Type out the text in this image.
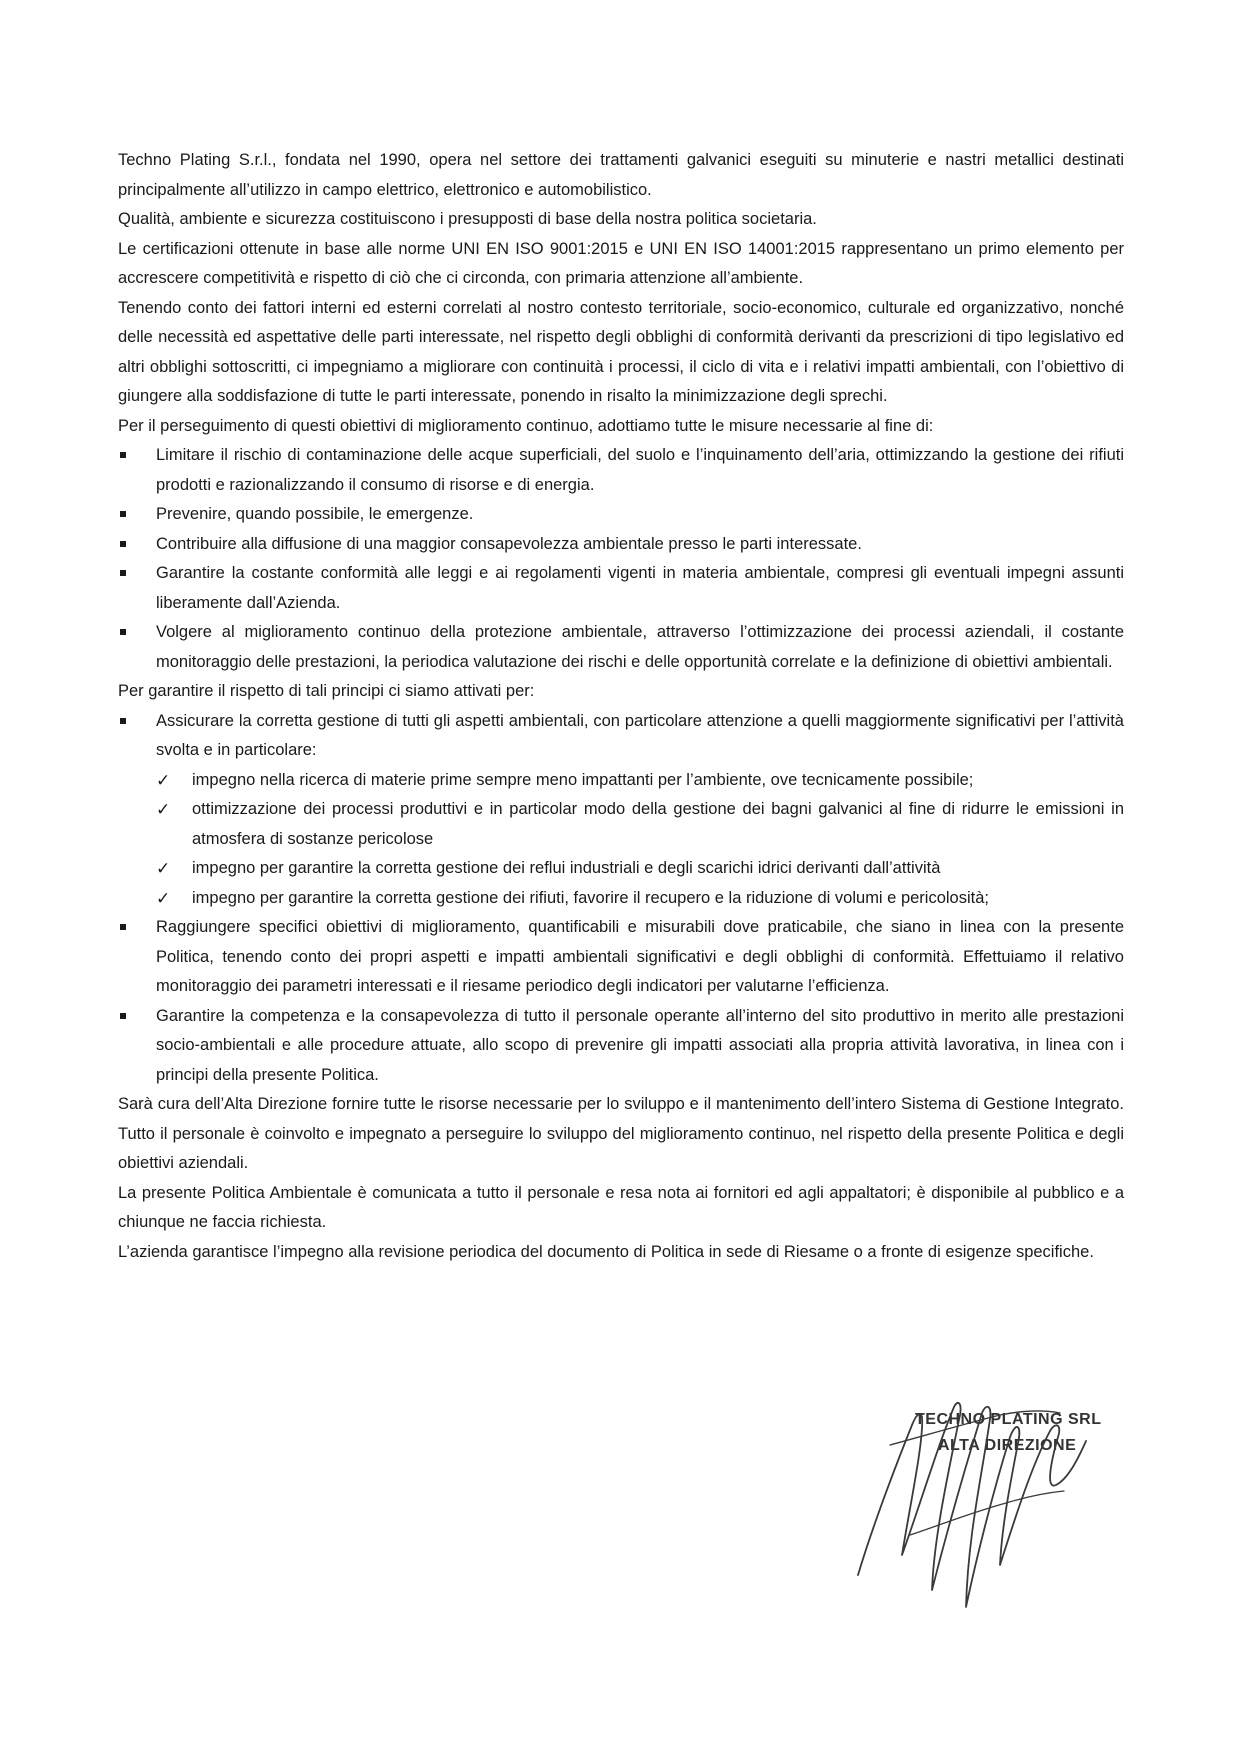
Techno Plating S.r.l., fondata nel 1990, opera nel settore dei trattamenti galvanici eseguiti su minuterie e nastri metallici destinati principalmente all’utilizzo in campo elettrico, elettronico e automobilistico.

Qualità, ambiente e sicurezza costituiscono i presupposti di base della nostra politica societaria.

Le certificazioni ottenute in base alle norme UNI EN ISO 9001:2015 e UNI EN ISO 14001:2015 rappresentano un primo elemento per accrescere competitività e rispetto di ciò che ci circonda, con primaria attenzione all’ambiente.

Tenendo conto dei fattori interni ed esterni correlati al nostro contesto territoriale, socio-economico, culturale ed organizzativo, nonché delle necessità ed aspettative delle parti interessate, nel rispetto degli obblighi di conformità derivanti da prescrizioni di tipo legislativo ed altri obblighi sottoscritti, ci impegniamo a migliorare con continuità i processi, il ciclo di vita e i relativi impatti ambientali, con l’obiettivo di giungere alla soddisfazione di tutte le parti interessate, ponendo in risalto la minimizzazione degli sprechi.

Per il perseguimento di questi obiettivi di miglioramento continuo, adottiamo tutte le misure necessarie al fine di:

Limitare il rischio di contaminazione delle acque superficiali, del suolo e l’inquinamento dell’aria, ottimizzando la gestione dei rifiuti prodotti e razionalizzando il consumo di risorse e di energia.
Prevenire, quando possibile, le emergenze.
Contribuire alla diffusione di una maggior consapevolezza ambientale presso le parti interessate.
Garantire la costante conformità alle leggi e ai regolamenti vigenti in materia ambientale, compresi gli eventuali impegni assunti liberamente dall’Azienda.
Volgere al miglioramento continuo della protezione ambientale, attraverso l’ottimizzazione dei processi aziendali, il costante monitoraggio delle prestazioni, la periodica valutazione dei rischi e delle opportunità correlate e la definizione di obiettivi ambientali.

Per garantire il rispetto di tali principi ci siamo attivati per:

Assicurare la corretta gestione di tutti gli aspetti ambientali, con particolare attenzione a quelli maggiormente significativi per l’attività svolta e in particolare:
✓ impegno nella ricerca di materie prime sempre meno impattanti per l’ambiente, ove tecnicamente possibile;
✓ ottimizzazione dei processi produttivi e in particolar modo della gestione dei bagni galvanici al fine di ridurre le emissioni in atmosfera di sostanze pericolose
✓ impegno per garantire la corretta gestione dei reflui industriali e degli scarichi idrici derivanti dall’attività
✓ impegno per garantire la corretta gestione dei rifiuti, favorire il recupero e la riduzione di volumi e pericolosità;
Raggiungere specifici obiettivi di miglioramento, quantificabili e misurabili dove praticabile, che siano in linea con la presente Politica, tenendo conto dei propri aspetti e impatti ambientali significativi e degli obblighi di conformità. Effettuiamo il relativo monitoraggio dei parametri interessati e il riesame periodico degli indicatori per valutarne l’efficienza.
Garantire la competenza e la consapevolezza di tutto il personale operante all’interno del sito produttivo in merito alle prestazioni socio-ambientali e alle procedure attuate, allo scopo di prevenire gli impatti associati alla propria attività lavorativa, in linea con i principi della presente Politica.

Sarà cura dell’Alta Direzione fornire tutte le risorse necessarie per lo sviluppo e il mantenimento dell’intero Sistema di Gestione Integrato. Tutto il personale è coinvolto e impegnato a perseguire lo sviluppo del miglioramento continuo, nel rispetto della presente Politica e degli obiettivi aziendali.

La presente Politica Ambientale è comunicata a tutto il personale e resa nota ai fornitori ed agli appaltatori; è disponibile al pubblico e a chiunque ne faccia richiesta.

L’azienda garantisce l’impegno alla revisione periodica del documento di Politica in sede di Riesame o a fronte di esigenze specifiche.

TECHNO PLATING SRL
ALTA DIREZIONE
